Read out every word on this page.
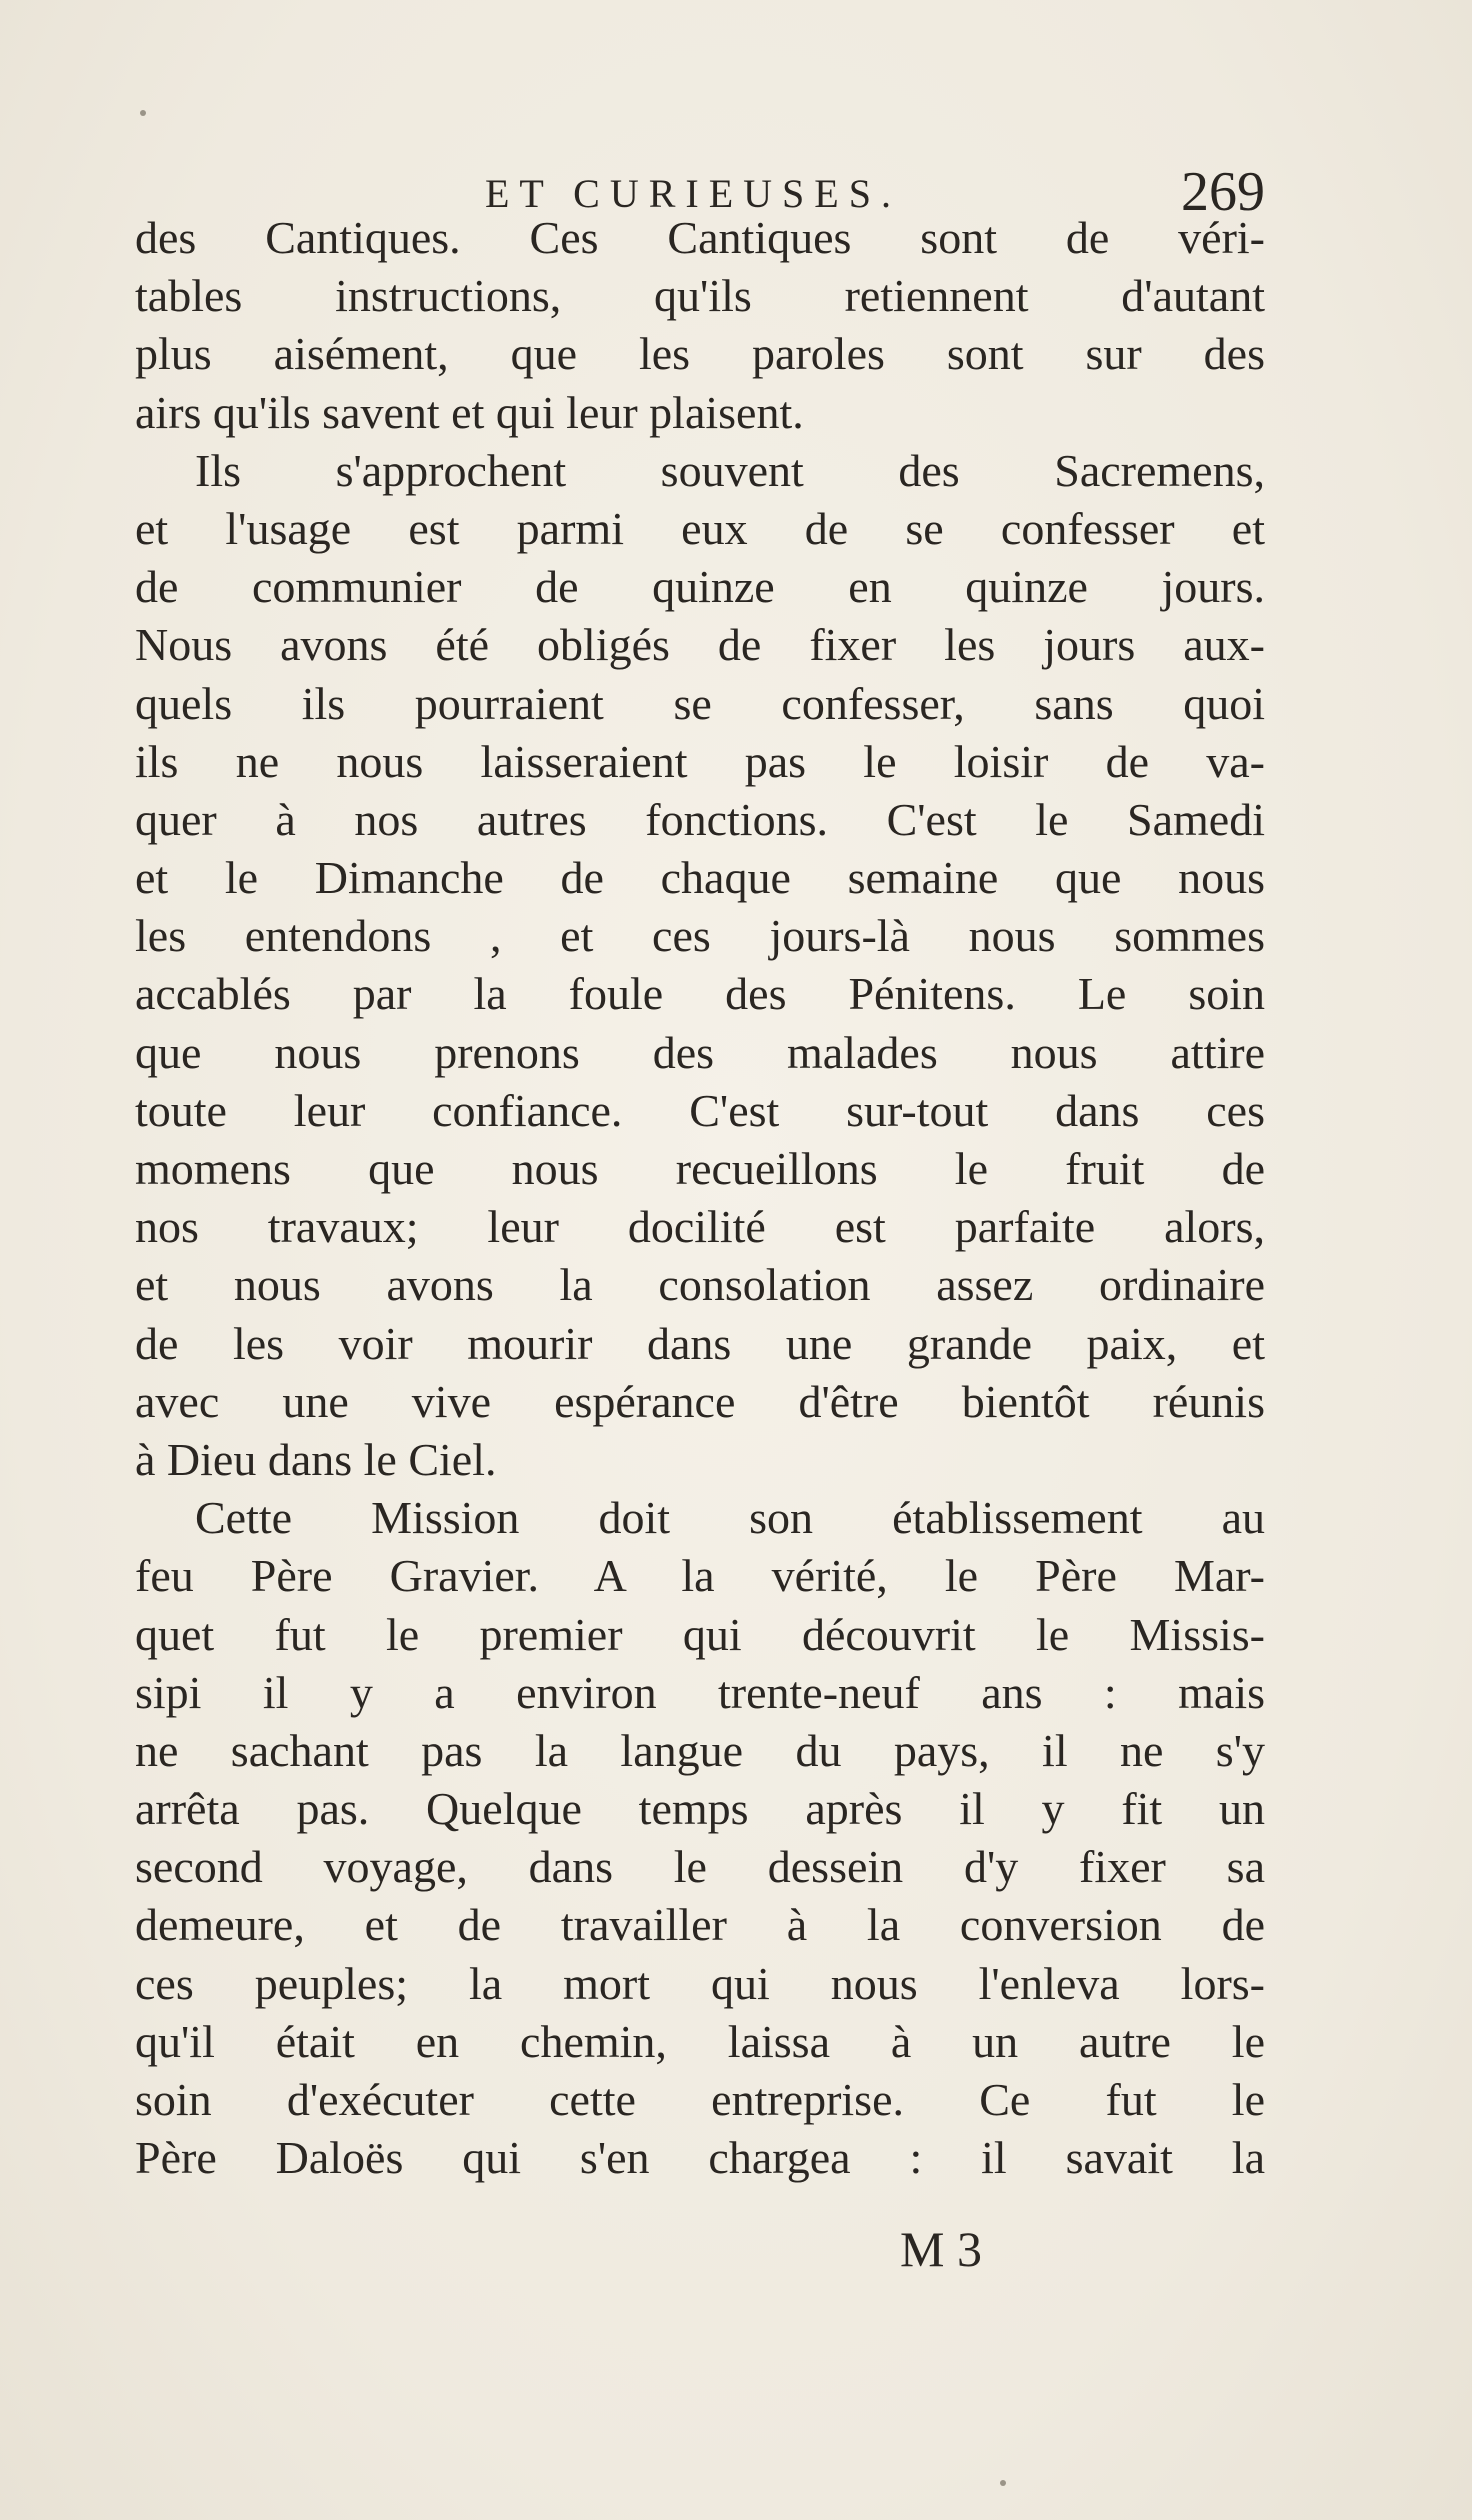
ET CURIEUSES.	269
des Cantiques. Ces Cantiques sont de véri-
tables instructions, qu'ils retiennent d'autant
plus aisément, que les paroles sont sur des
airs qu'ils savent et qui leur plaisent.
Ils s'approchent souvent des Sacremens,
et l'usage est parmi eux de se confesser et
de communier de quinze en quinze jours.
Nous avons été obligés de fixer les jours aux-
quels ils pourraient se confesser, sans quoi
ils ne nous laisseraient pas le loisir de va-
quer à nos autres fonctions. C'est le Samedi
et le Dimanche de chaque semaine que nous
les entendons , et ces jours-là nous sommes
accablés par la foule des Pénitens. Le soin
que nous prenons des malades nous attire
toute leur confiance. C'est sur-tout dans ces
momens que nous recueillons le fruit de
nos travaux; leur docilité est parfaite alors,
et nous avons la consolation assez ordinaire
de les voir mourir dans une grande paix, et
avec une vive espérance d'être bientôt réunis
à Dieu dans le Ciel.
Cette Mission doit son établissement au
feu Père Gravier. A la vérité, le Père Mar-
quet fut le premier qui découvrit le Missis-
sipi il y a environ trente-neuf ans : mais
ne sachant pas la langue du pays, il ne s'y
arrêta pas. Quelque temps après il y fit un
second voyage, dans le dessein d'y fixer sa
demeure, et de travailler à la conversion de
ces peuples; la mort qui nous l'enleva lors-
qu'il était en chemin, laissa à un autre le
soin d'exécuter cette entreprise. Ce fut le
Père Daloës qui s'en chargea : il savait la
M 3
